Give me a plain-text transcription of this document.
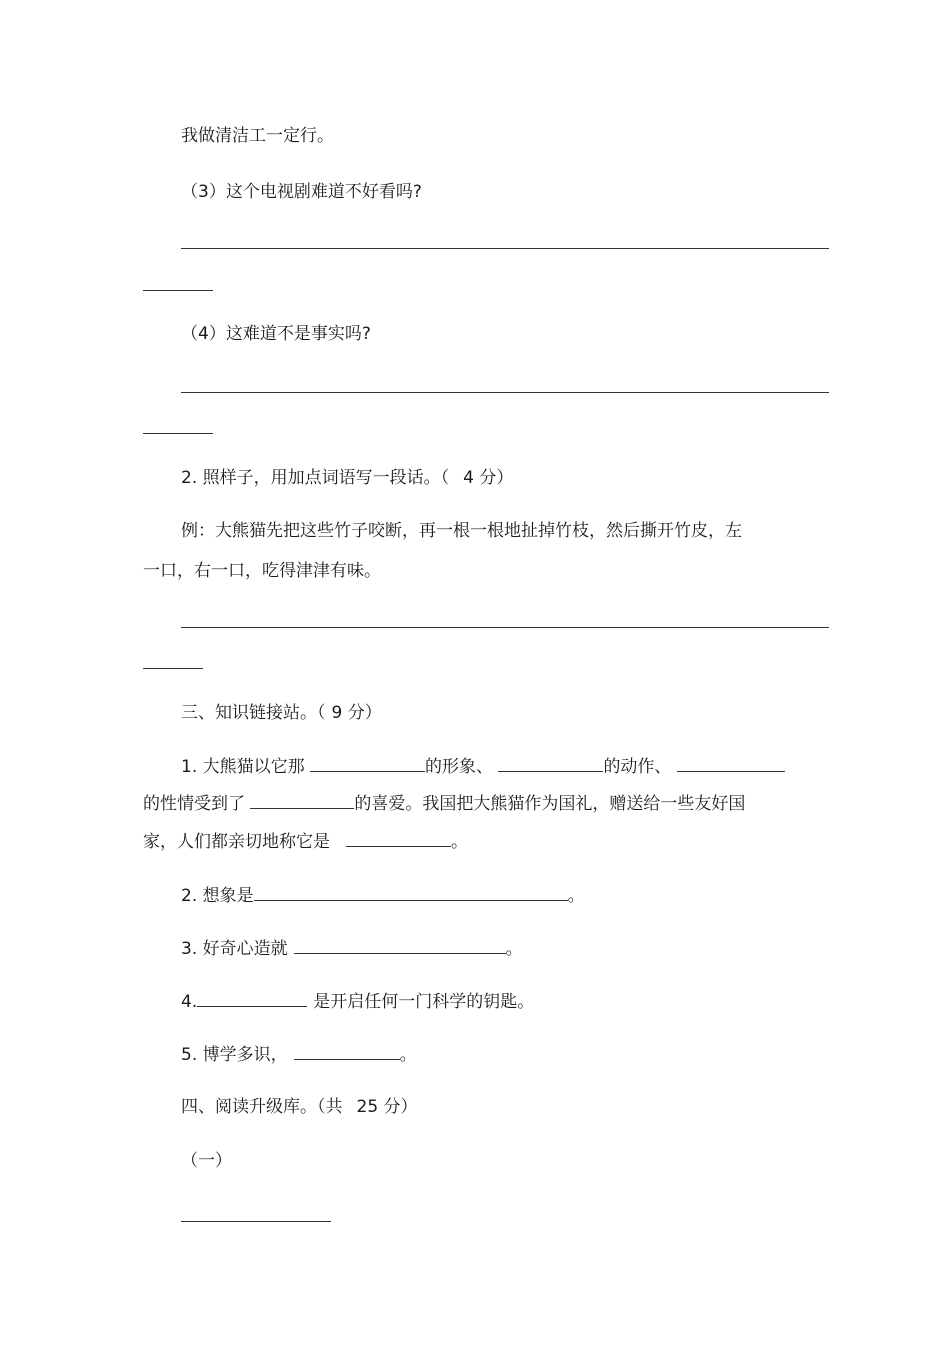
我做清洁工一定行。
（3）这个电视剧难道不好看吗?
（4）这难道不是事实吗?
2. 照样子，用加点词语写一段话。（ 4 分）
例：大熊猫先把这些竹子咬断，再一根一根地扯掉竹枝，然后撕开竹皮，左
一口，右一口，吃得津津有味。
三、知识链接站。（ 9 分）
1. 大熊猫以它那	的形象、	的动作、
的性情受到了	的喜爱。我国把大熊猫作为国礼，赠送给一些友好国
家，人们都亲切地称它是	。
2. 想象是	。
3. 好奇心造就	。
4.	是开启任何一门科学的钥匙。
5. 博学多识，	。
四、阅读升级库。（共 25 分）
（一）
